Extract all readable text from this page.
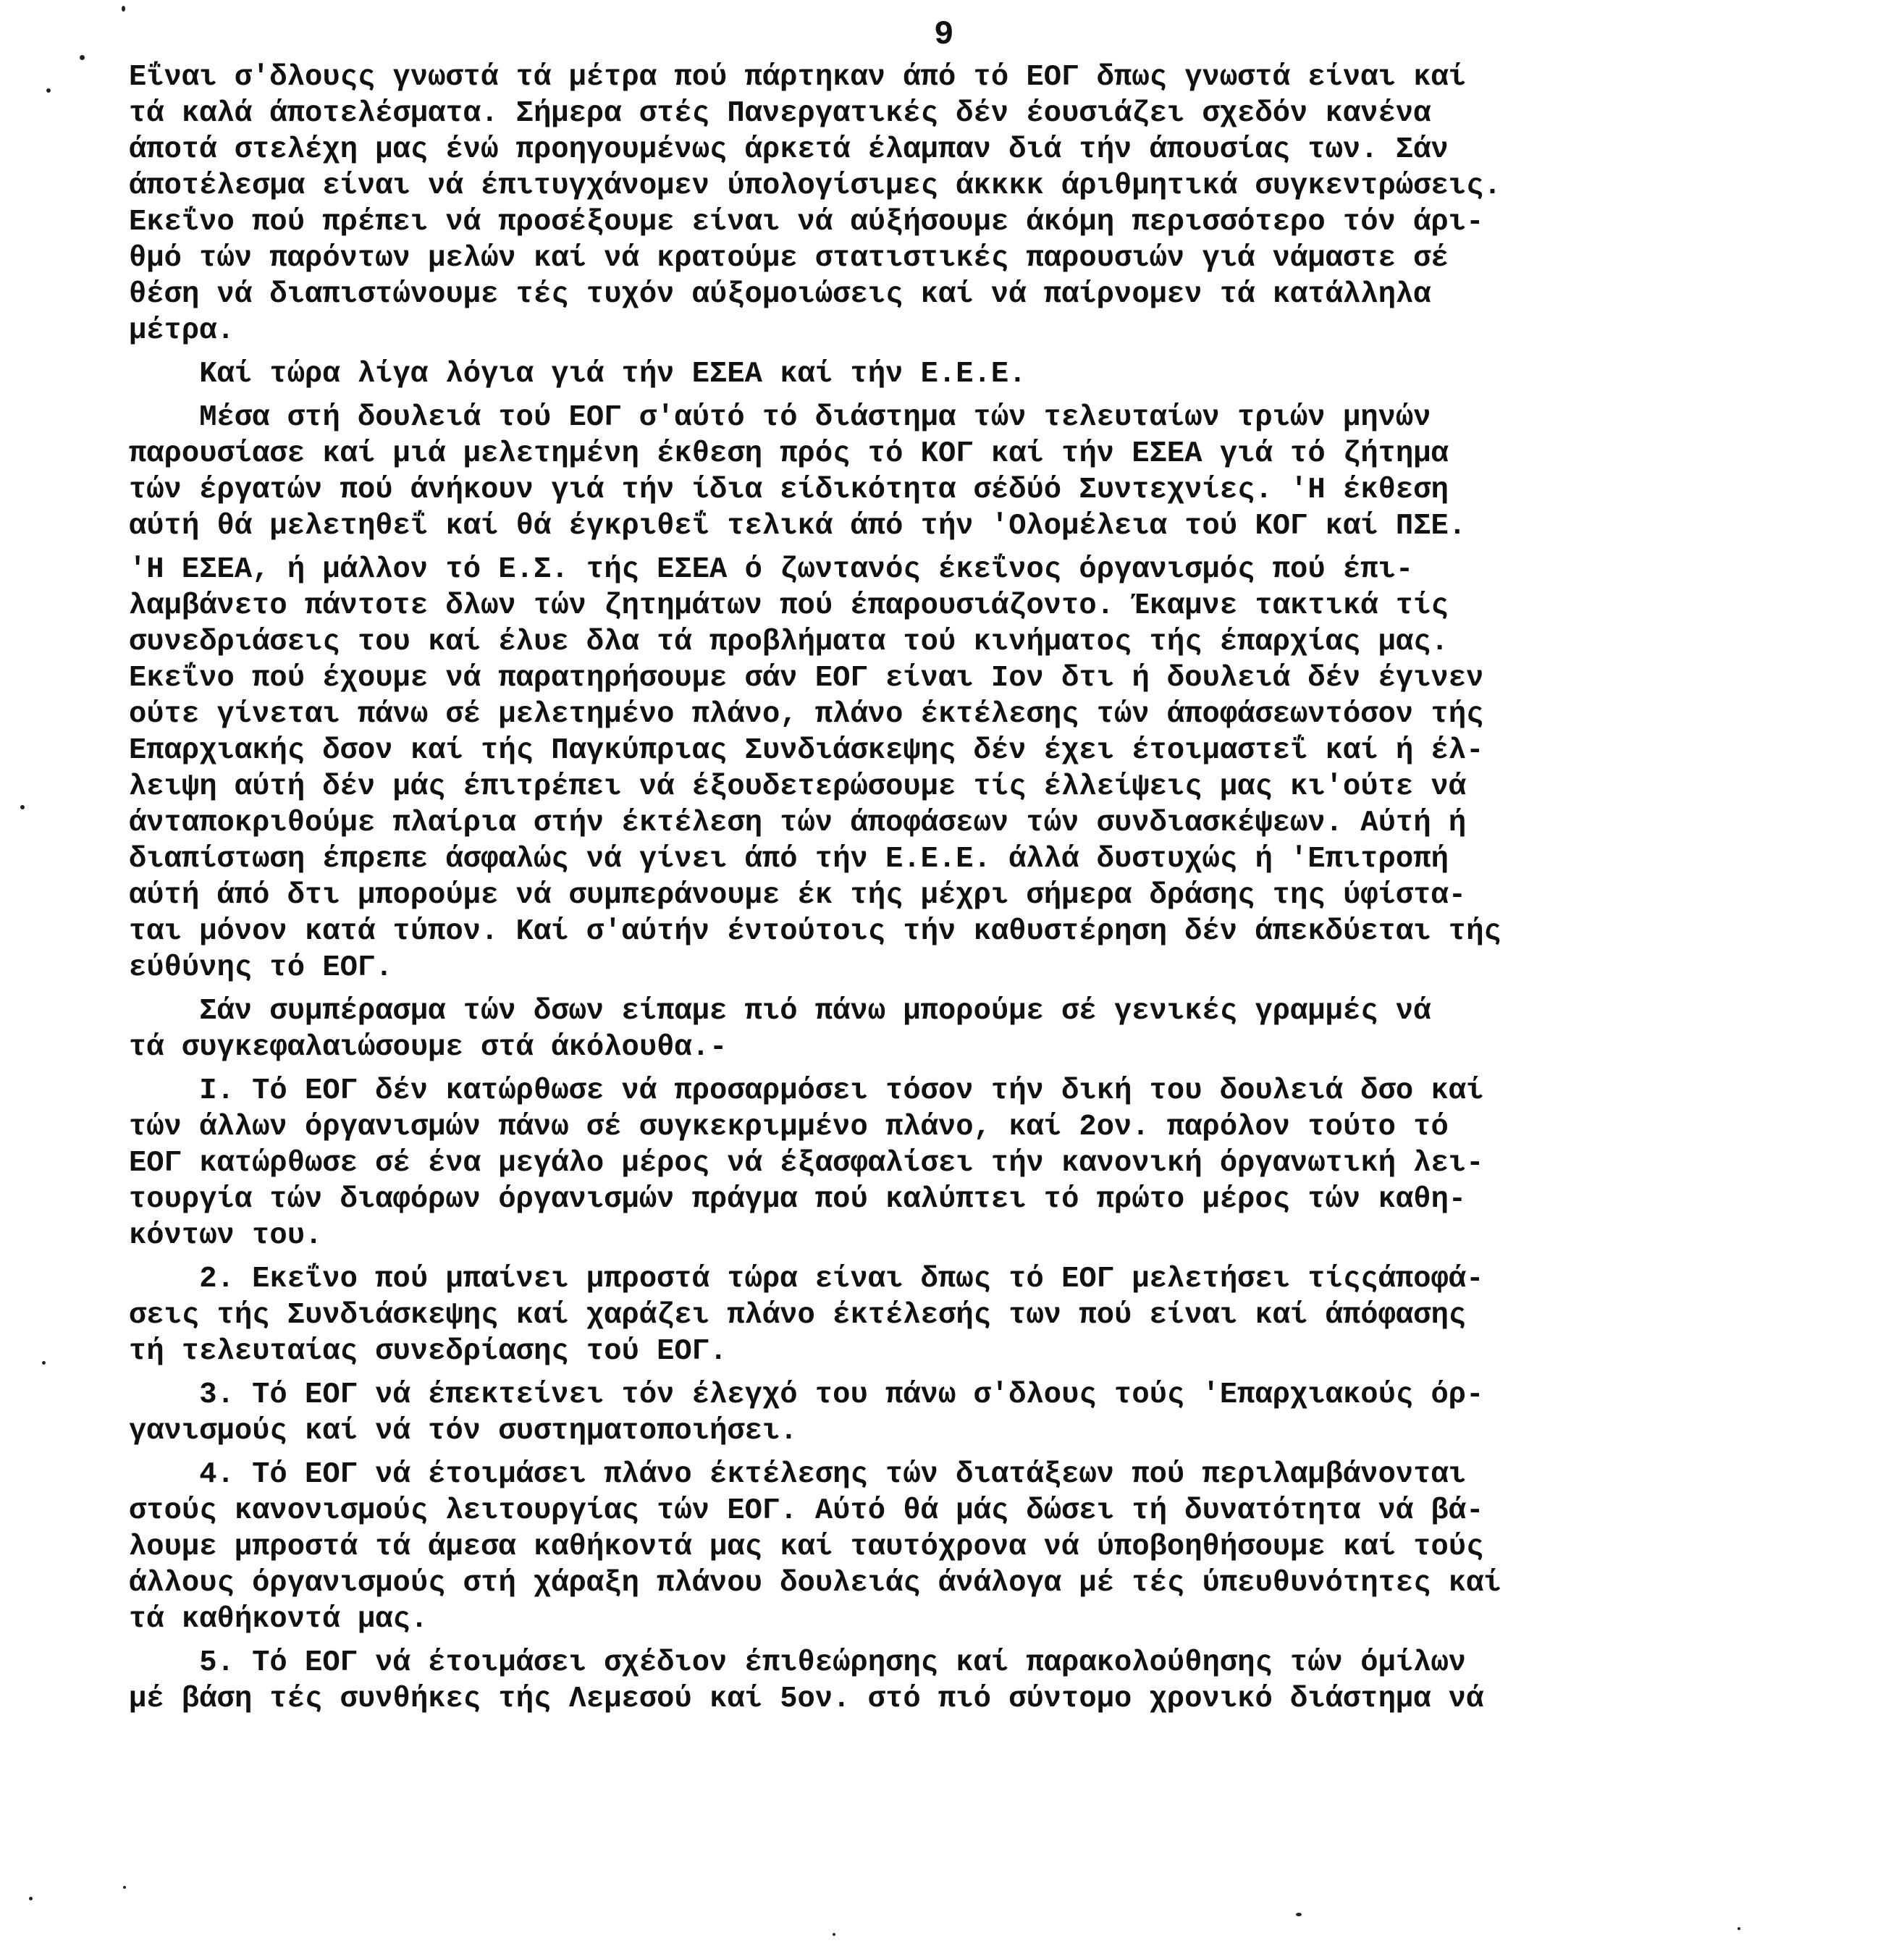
9
Εΐναι σ'δλουςς γνωστά τά μέτρα πού πάρτηκαν άπό τό ΕΟΓ δπως γνωστά είναι καί
τά καλά άποτελέσματα. Σήμερα στές Πανεργατικές δέν έουσιάζει σχεδόν κανένα
άποτά στελέχη μας ένώ προηγουμένως άρκετά έλαμπαν διά τήν άπουσίας των. Σάν
άποτέλεσμα είναι νά έπιτυγχάνομεν ύπολογίσιμες άκκκκ άριθμητικά συγκεντρώσεις.
Εκεΐνο πού πρέπει νά προσέξουμε είναι νά αύξήσουμε άκόμη περισσότερο τόν άρι-
θμό τών παρόντων μελών καί νά κρατούμε στατιστικές παρουσιών γιά νάμαστε σέ
θέση νά διαπιστώνουμε τές τυχόν αύξομοιώσεις καί νά παίρνομεν τά κατάλληλα
μέτρα.
Καί τώρα λίγα λόγια γιά τήν ΕΣΕΑ καί τήν Ε.Ε.Ε.
Μέσα στή δουλειά τού ΕΟΓ σ'αύτό τό διάστημα τών τελευταίων τριών μηνών
παρουσίασε καί μιά μελετημένη έκθεση πρός τό ΚΟΓ καί τήν ΕΣΕΑ γιά τό ζήτημα
τών έργατών πού άνήκουν γιά τήν ίδια είδικότητα σέδύό Συντεχνίες. 'Η έκθεση
αύτή θά μελετηθεΐ καί θά έγκριθεΐ τελικά άπό τήν 'Ολομέλεια τού ΚΟΓ καί ΠΣΕ.
'Η ΕΣΕΑ, ή μάλλον τό Ε.Σ. τής ΕΣΕΑ ό ζωντανός έκεΐνος όργανισμός πού έπι-
λαμβάνετο πάντοτε δλων τών ζητημάτων πού έπαρουσιάζοντο. Έκαμνε τακτικά τίς
συνεδριάσεις του καί έλυε δλα τά προβλήματα τού κινήματος τής έπαρχίας μας.
Εκεΐνο πού έχουμε νά παρατηρήσουμε σάν ΕΟΓ είναι Ιον δτι ή δουλειά δέν έγινεν
ούτε γίνεται πάνω σέ μελετημένο πλάνο, πλάνο έκτέλεσης τών άποφάσεωντόσον τής
Επαρχιακής δσον καί τής Παγκύπριας Συνδιάσκεψης δέν έχει έτοιμαστεΐ καί ή έλ-
λειψη αύτή δέν μάς έπιτρέπει νά έξουδετερώσουμε τίς έλλείψεις μας κι'ούτε νά
άνταποκριθούμε πλαίρια στήν έκτέλεση τών άποφάσεων τών συνδιασκέψεων. Αύτή ή
διαπίστωση έπρεπε άσφαλώς νά γίνει άπό τήν Ε.Ε.Ε. άλλά δυστυχώς ή 'Επιτροπή
αύτή άπό δτι μπορούμε νά συμπεράνουμε έκ τής μέχρι σήμερα δράσης της ύφίστα-
ται μόνον κατά τύπον. Καί σ'αύτήν έντούτοις τήν καθυστέρηση δέν άπεκδύεται τής
εύθύνης τό ΕΟΓ.
Σάν συμπέρασμα τών δσων είπαμε πιό πάνω μπορούμε σέ γενικές γραμμές νά
τά συγκεφαλαιώσουμε στά άκόλουθα.-
Ι. Τό ΕΟΓ δέν κατώρθωσε νά προσαρμόσει τόσον τήν δική του δουλειά δσο καί
τών άλλων όργανισμών πάνω σέ συγκεκριμμένο πλάνο, καί 2ον. παρόλον τούτο τό
ΕΟΓ κατώρθωσε σέ ένα μεγάλο μέρος νά έξασφαλίσει τήν κανονική όργανωτική λει-
τουργία τών διαφόρων όργανισμών πράγμα πού καλύπτει τό πρώτο μέρος τών καθη-
κόντων του.
2. Εκεΐνο πού μπαίνει μπροστά τώρα είναι δπως τό ΕΟΓ μελετήσει τίςςάποφά-
σεις τής Συνδιάσκεψης καί χαράζει πλάνο έκτέλεσής των πού είναι καί άπόφασης
τή τελευταίας συνεδρίασης τού ΕΟΓ.
3. Τό ΕΟΓ νά έπεκτείνει τόν έλεγχό του πάνω σ'δλους τούς 'Επαρχιακούς όρ-
γανισμούς καί νά τόν συστηματοποιήσει.
4. Τό ΕΟΓ νά έτοιμάσει πλάνο έκτέλεσης τών διατάξεων πού περιλαμβάνονται
στούς κανονισμούς λειτουργίας τών ΕΟΓ. Αύτό θά μάς δώσει τή δυνατότητα νά βά-
λουμε μπροστά τά άμεσα καθήκοντά μας καί ταυτόχρονα νά ύποβοηθήσουμε καί τούς
άλλους όργανισμούς στή χάραξη πλάνου δουλειάς άνάλογα μέ τές ύπευθυνότητες καί
τά καθήκοντά μας.
5. Τό ΕΟΓ νά έτοιμάσει σχέδιον έπιθεώρησης καί παρακολούθησης τών όμίλων
μέ βάση τές συνθήκες τής Λεμεσού καί 5ον. στό πιό σύντομο χρονικό διάστημα νά
